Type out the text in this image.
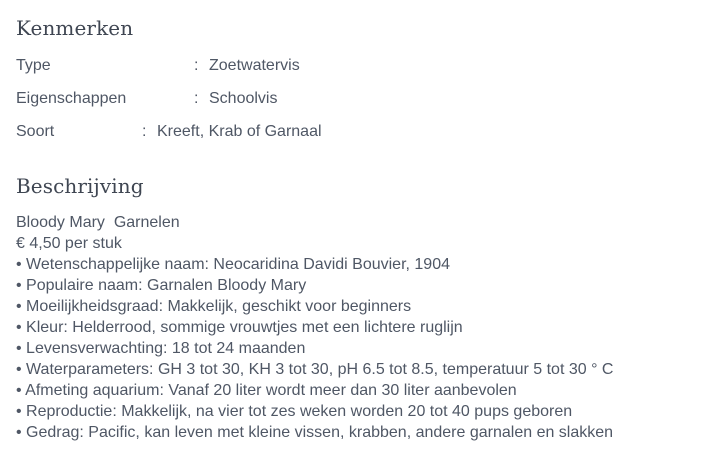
Kenmerken
Type	: Zoetwatervis
Eigenschappen	: Schoolvis
Soort	: Kreeft, Krab of Garnaal
Beschrijving
Bloody Mary  Garnelen
€ 4,50 per stuk
• Wetenschappelijke naam: Neocaridina Davidi Bouvier, 1904
• Populaire naam: Garnalen Bloody Mary
• Moeilijkheidsgraad: Makkelijk, geschikt voor beginners
• Kleur: Helderrood, sommige vrouwtjes met een lichtere ruglijn
• Levensverwachting: 18 tot 24 maanden
• Waterparameters: GH 3 tot 30, KH 3 tot 30, pH 6.5 tot 8.5, temperatuur 5 tot 30 ° C
• Afmeting aquarium: Vanaf 20 liter wordt meer dan 30 liter aanbevolen
• Reproductie: Makkelijk, na vier tot zes weken worden 20 tot 40 pups geboren
• Gedrag: Pacific, kan leven met kleine vissen, krabben, andere garnalen en slakken
